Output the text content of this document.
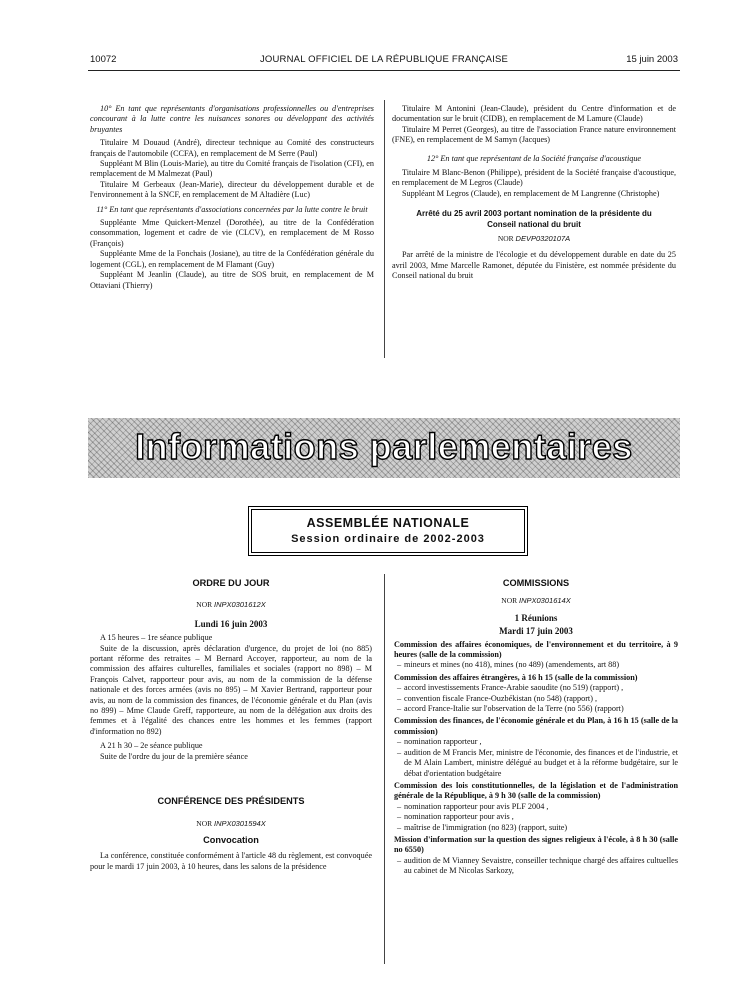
10072	JOURNAL OFFICIEL DE LA RÉPUBLIQUE FRANÇAISE	15 juin 2003

10° En tant que représentants d'organisations professionnelles ou d'entreprises concourant à la lutte contre les nuisances sonores ou développant des activités bruyantes

Titulaire M Douaud (André), directeur technique au Comité des constructeurs français de l'automobile (CCFA), en remplacement de M Serre (Paul)

Suppléant M Blin (Louis-Marie), au titre du Comité français de l'isolation (CFI), en remplacement de M Malmezat (Paul)

Titulaire M Gerbeaux (Jean-Marie), directeur du développement durable et de l'environnement à la SNCF, en remplacement de M Altadière (Luc)

11° En tant que représentants d'associations concernées par la lutte contre le bruit

Suppléante Mme Quickert-Menzel (Dorothée), au titre de la Confédération consommation, logement et cadre de vie (CLCV), en remplacement de M Rosso (François)

Suppléante Mme de la Fonchais (Josiane), au titre de la Confédération générale du logement (CGL), en remplacement de M Flamant (Guy)

Suppléant M Jeanlin (Claude), au titre de SOS bruit, en remplacement de M Ottaviani (Thierry)

Titulaire M Antonini (Jean-Claude), président du Centre d'information et de documentation sur le bruit (CIDB), en remplacement de M Lamure (Claude)

Titulaire M Perret (Georges), au titre de l'association France nature environnement (FNE), en remplacement de M Samyn (Jacques)

12° En tant que représentant de la Société française d'acoustique

Titulaire M Blanc-Benon (Philippe), président de la Société française d'acoustique, en remplacement de M Legros (Claude)

Suppléant M Legros (Claude), en remplacement de M Langrenne (Christophe)

Arrêté du 25 avril 2003 portant nomination de la présidente du Conseil national du bruit

NOR DEVP0320107A

Par arrêté de la ministre de l'écologie et du développement durable en date du 25 avril 2003, Mme Marcelle Ramonet, députée du Finistère, est nommée présidente du Conseil national du bruit

Informations parlementaires
ASSEMBLÉE NATIONALE
Session ordinaire de 2002-2003

ORDRE DU JOUR

NOR INPX0301612X

Lundi 16 juin 2003

A 15 heures – 1re séance publique

Suite de la discussion, après déclaration d'urgence, du projet de loi (no 885) portant réforme des retraites – M Bernard Accoyer, rapporteur, au nom de la commission des affaires culturelles, familiales et sociales (rapport no 898) – M François Calvet, rapporteur pour avis, au nom de la commission de la défense nationale et des forces armées (avis no 895) – M Xavier Bertrand, rapporteur pour avis, au nom de la commission des finances, de l'économie générale et du Plan (avis no 899) – Mme Claude Greff, rapporteure, au nom de la délégation aux droits des femmes et à l'égalité des chances entre les hommes et les femmes (rapport d'information no 892)

A 21 h 30 – 2e séance publique

Suite de l'ordre du jour de la première séance

CONFÉRENCE DES PRÉSIDENTS

NOR INPX0301594X

Convocation

La conférence, constituée conformément à l'article 48 du règlement, est convoquée pour le mardi 17 juin 2003, à 10 heures, dans les salons de la présidence

COMMISSIONS

NOR INPX0301614X

1 Réunions

Mardi 17 juin 2003

Commission des affaires économiques, de l'environnement et du territoire, à 9 heures (salle de la commission)

– mineurs et mines (no 418), mines (no 489) (amendements, art 88)

Commission des affaires étrangères, à 16 h 15 (salle de la commission)

– accord investissements France-Arabie saoudite (no 519) (rapport) ,

– convention fiscale France-Ouzbékistan (no 548) (rapport) ,

– accord France-Italie sur l'observation de la Terre (no 556) (rapport)

Commission des finances, de l'économie générale et du Plan, à 16 h 15 (salle de la commission)

– nomination rapporteur ,

– audition de M Francis Mer, ministre de l'économie, des finances et de l'industrie, et de M Alain Lambert, ministre délégué au budget et à la réforme budgétaire, sur le débat d'orientation budgétaire

Commission des lois constitutionnelles, de la législation et de l'administration générale de la République, à 9 h 30 (salle de la commission)

– nomination rapporteur pour avis PLF 2004 ,

– nomination rapporteur pour avis ,

– maîtrise de l'immigration (no 823) (rapport, suite)

Mission d'information sur la question des signes religieux à l'école, à 8 h 30 (salle no 6550)

– audition de M Vianney Sevaistre, conseiller technique chargé des affaires cultuelles au cabinet de M Nicolas Sarkozy,
